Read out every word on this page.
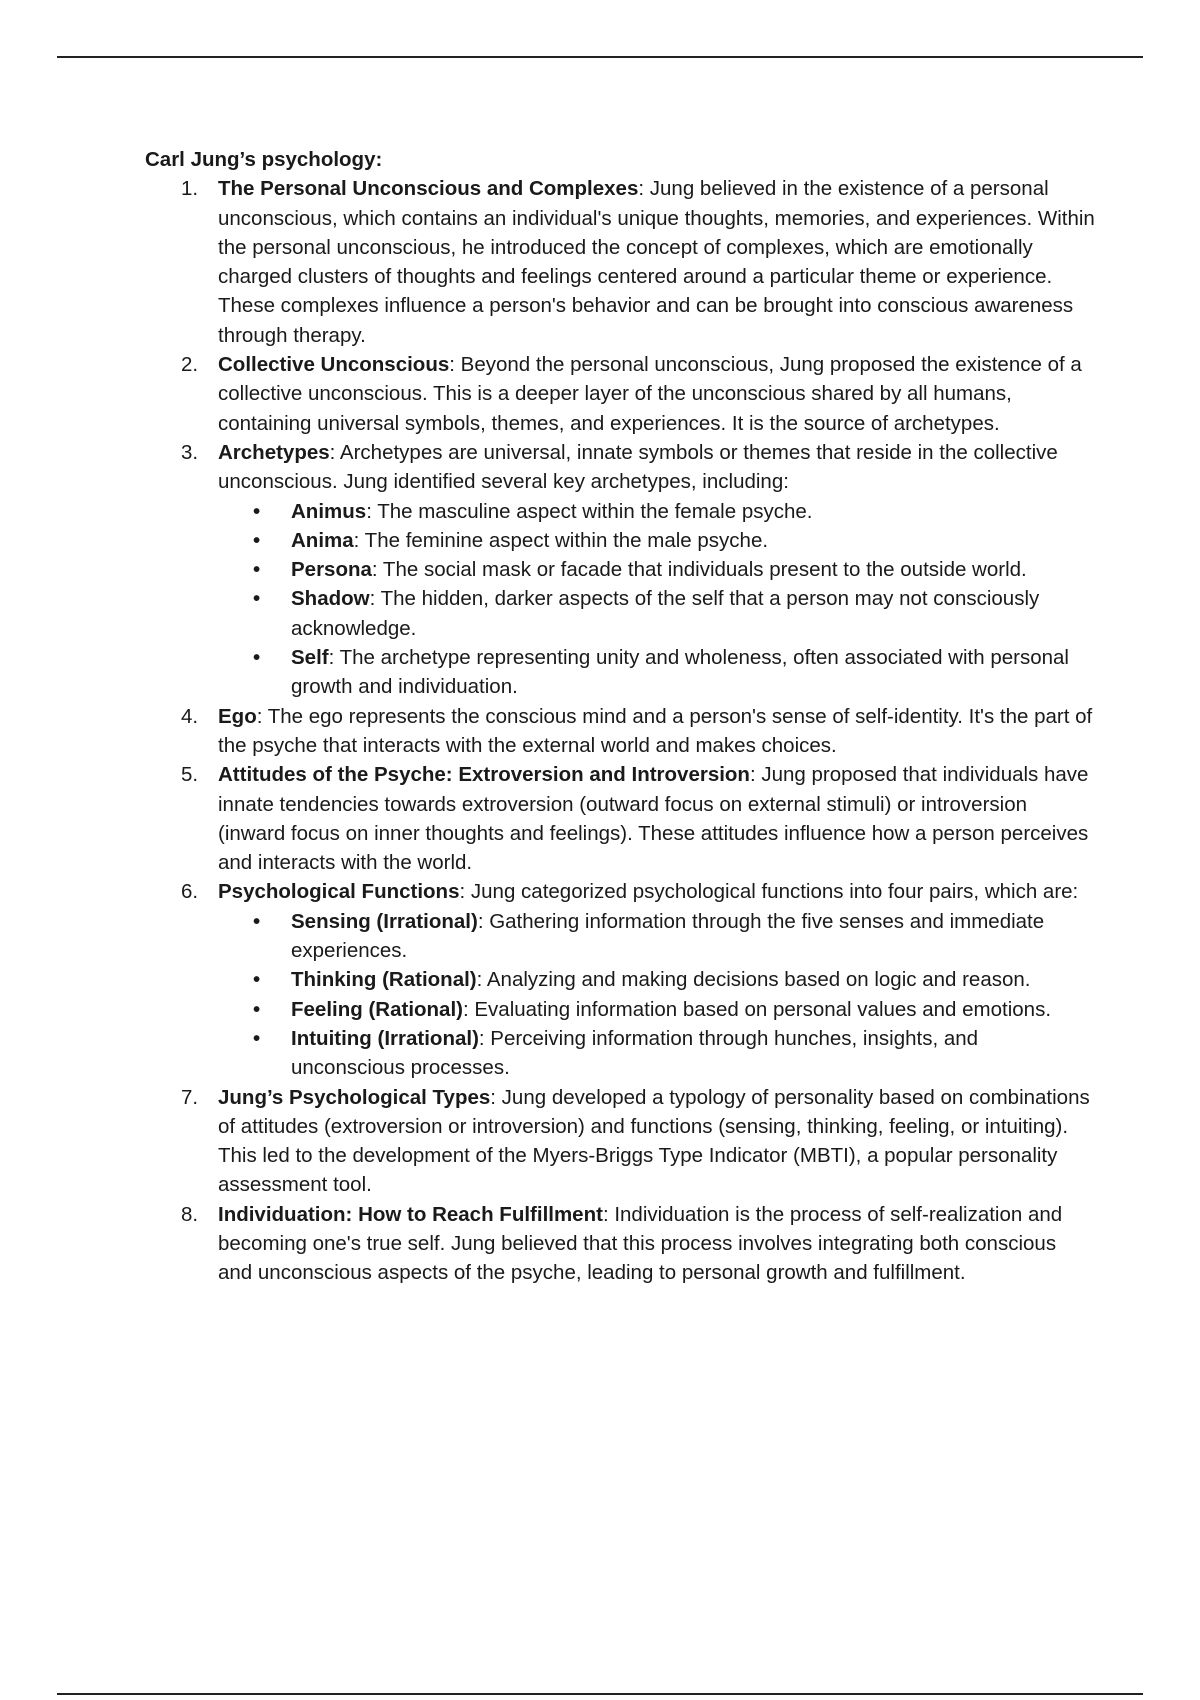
Carl Jung’s psychology:

1. The Personal Unconscious and Complexes: Jung believed in the existence of a personal unconscious, which contains an individual's unique thoughts, memories, and experiences. Within the personal unconscious, he introduced the concept of complexes, which are emotionally charged clusters of thoughts and feelings centered around a particular theme or experience. These complexes influence a person's behavior and can be brought into conscious awareness through therapy.
2. Collective Unconscious: Beyond the personal unconscious, Jung proposed the existence of a collective unconscious. This is a deeper layer of the unconscious shared by all humans, containing universal symbols, themes, and experiences. It is the source of archetypes.
3. Archetypes: Archetypes are universal, innate symbols or themes that reside in the collective unconscious. Jung identified several key archetypes, including:
•	Animus: The masculine aspect within the female psyche.
•	Anima: The feminine aspect within the male psyche.
•	Persona: The social mask or facade that individuals present to the outside world.
•	Shadow: The hidden, darker aspects of the self that a person may not consciously acknowledge.
•	Self: The archetype representing unity and wholeness, often associated with personal growth and individuation.
4. Ego: The ego represents the conscious mind and a person's sense of self-identity. It's the part of the psyche that interacts with the external world and makes choices.
5. Attitudes of the Psyche: Extroversion and Introversion: Jung proposed that individuals have innate tendencies towards extroversion (outward focus on external stimuli) or introversion (inward focus on inner thoughts and feelings). These attitudes influence how a person perceives and interacts with the world.
6. Psychological Functions: Jung categorized psychological functions into four pairs, which are:
•	Sensing (Irrational): Gathering information through the five senses and immediate experiences.
•	Thinking (Rational): Analyzing and making decisions based on logic and reason.
•	Feeling (Rational): Evaluating information based on personal values and emotions.
•	Intuiting (Irrational): Perceiving information through hunches, insights, and unconscious processes.
7. Jung’s Psychological Types: Jung developed a typology of personality based on combinations of attitudes (extroversion or introversion) and functions (sensing, thinking, feeling, or intuiting). This led to the development of the Myers-Briggs Type Indicator (MBTI), a popular personality assessment tool.
8. Individuation: How to Reach Fulfillment: Individuation is the process of self-realization and becoming one's true self. Jung believed that this process involves integrating both conscious and unconscious aspects of the psyche, leading to personal growth and fulfillment.
